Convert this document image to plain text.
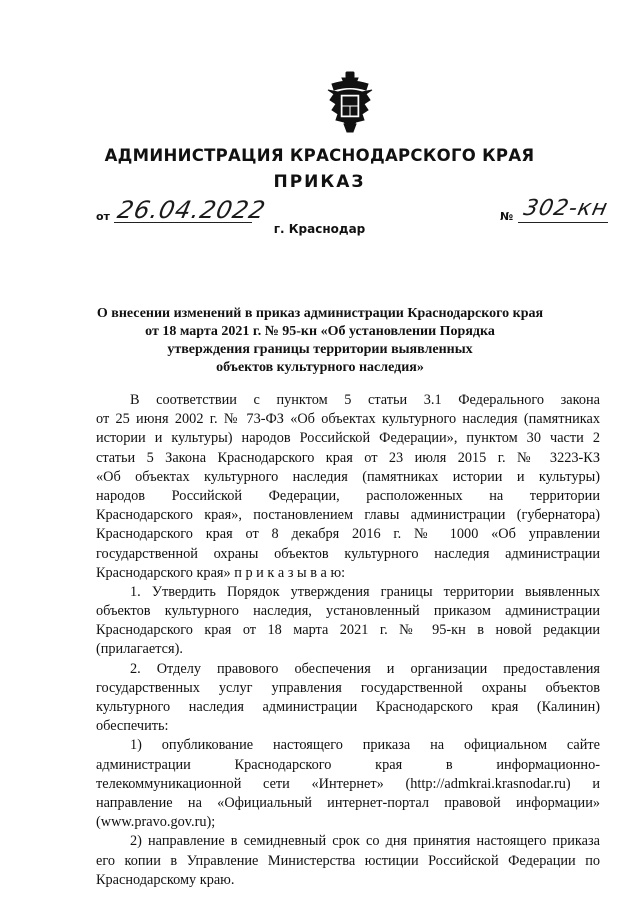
АДМИНИСТРАЦИЯ КРАСНОДАРСКОГО КРАЯ
ПРИКАЗ
от 26.04.2022
г. Краснодар
№ 302-кн
О внесении изменений в приказ администрации Краснодарского края
от 18 марта 2021 г. № 95-кн «Об установлении Порядка
утверждения границы территории выявленных
объектов культурного наследия»
В соответствии с пунктом 5 статьи 3.1 Федерального закона
от 25 июня 2002 г. № 73-ФЗ «Об объектах культурного наследия (памятниках
истории и культуры) народов Российской Федерации», пунктом 30 части 2
статьи 5 Закона Краснодарского края от 23 июля 2015 г. № 3223-КЗ
«Об объектах культурного наследия (памятниках истории и культуры)
народов Российской Федерации, расположенных на территории
Краснодарского края», постановлением главы администрации (губернатора)
Краснодарского края от 8 декабря 2016 г. № 1000 «Об управлении
государственной охраны объектов культурного наследия администрации
Краснодарского края» п р и к а з ы в а ю:
1. Утвердить Порядок утверждения границы территории выявленных
объектов культурного наследия, установленный приказом администрации
Краснодарского края от 18 марта 2021 г. № 95-кн в новой редакции
(прилагается).
2. Отделу правового обеспечения и организации предоставления
государственных услуг управления государственной охраны объектов
культурного наследия администрации Краснодарского края (Калинин)
обеспечить:
1) опубликование настоящего приказа на официальном сайте
администрации Краснодарского края в информационно-
телекоммуникационной сети «Интернет» (http://admkrai.krasnodar.ru) и
направление на «Официальный интернет-портал правовой информации»
(www.pravo.gov.ru);
2) направление в семидневный срок со дня принятия настоящего приказа
его копии в Управление Министерства юстиции Российской Федерации по
Краснодарскому краю.
